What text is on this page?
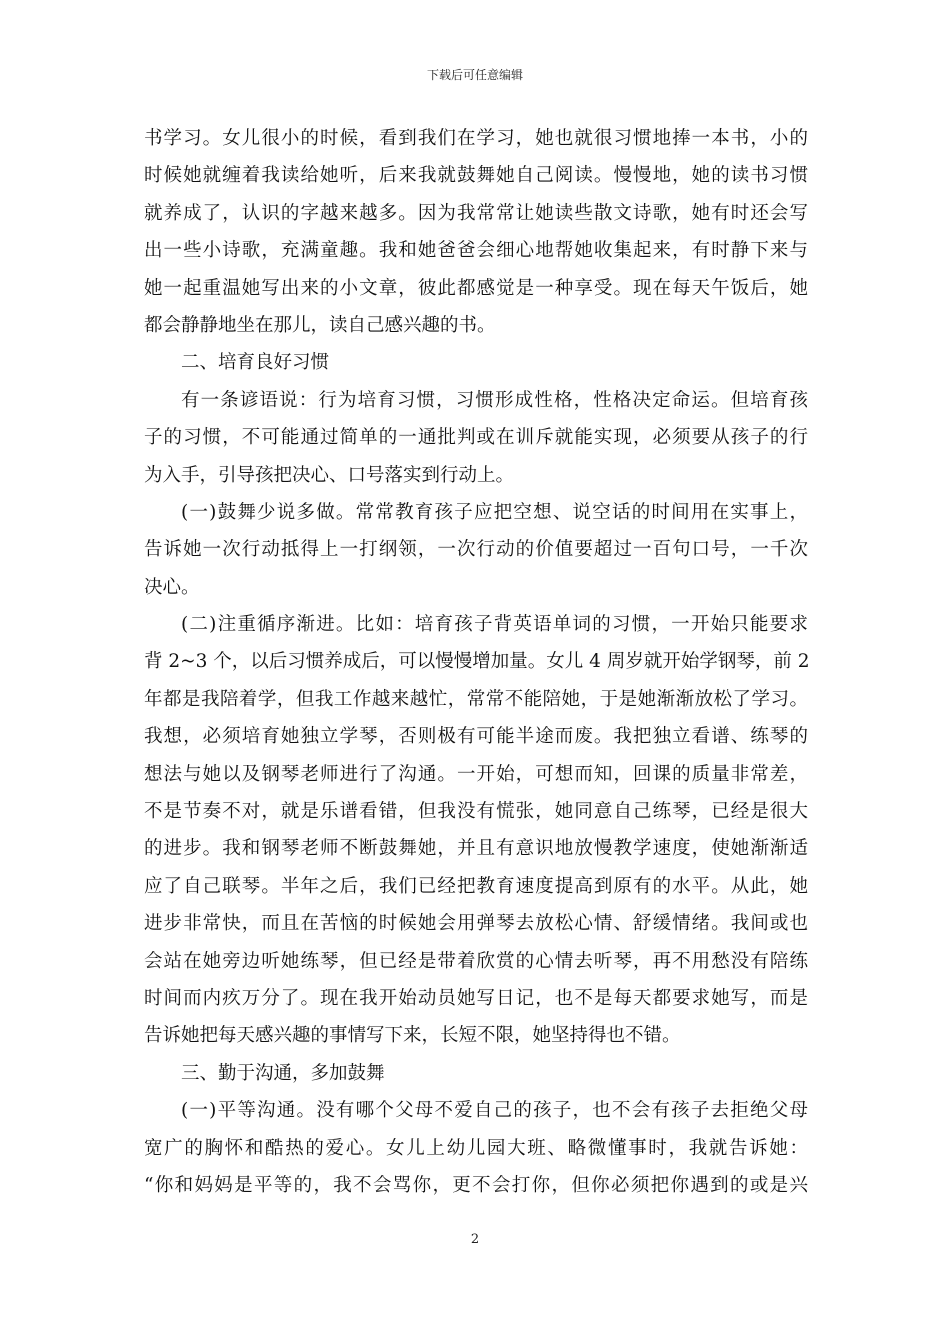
下载后可任意编辑
书学习。女儿很小的时候，看到我们在学习，她也就很习惯地捧一本书，小的
时候她就缠着我读给她听，后来我就鼓舞她自己阅读。慢慢地，她的读书习惯
就养成了，认识的字越来越多。因为我常常让她读些散文诗歌，她有时还会写
出一些小诗歌，充满童趣。我和她爸爸会细心地帮她收集起来，有时静下来与
她一起重温她写出来的小文章，彼此都感觉是一种享受。现在每天午饭后，她
都会静静地坐在那儿，读自己感兴趣的书。
二、培育良好习惯
有一条谚语说：行为培育习惯，习惯形成性格，性格决定命运。但培育孩
子的习惯，不可能通过简单的一通批判或在训斥就能实现，必须要从孩子的行
为入手，引导孩把决心、口号落实到行动上。
(一)鼓舞少说多做。常常教育孩子应把空想、说空话的时间用在实事上，
告诉她一次行动抵得上一打纲领，一次行动的价值要超过一百句口号，一千次
决心。
(二)注重循序渐进。比如：培育孩子背英语单词的习惯，一开始只能要求
背 2~3 个，以后习惯养成后，可以慢慢增加量。女儿 4 周岁就开始学钢琴，前 2
年都是我陪着学，但我工作越来越忙，常常不能陪她，于是她渐渐放松了学习。
我想，必须培育她独立学琴，否则极有可能半途而废。我把独立看谱、练琴的
想法与她以及钢琴老师进行了沟通。一开始，可想而知，回课的质量非常差，
不是节奏不对，就是乐谱看错，但我没有慌张，她同意自己练琴，已经是很大
的进步。我和钢琴老师不断鼓舞她，并且有意识地放慢教学速度，使她渐渐适
应了自己联琴。半年之后，我们已经把教育速度提高到原有的水平。从此，她
进步非常快，而且在苦恼的时候她会用弹琴去放松心情、舒缓情绪。我间或也
会站在她旁边听她练琴，但已经是带着欣赏的心情去听琴，再不用愁没有陪练
时间而内疚万分了。现在我开始动员她写日记，也不是每天都要求她写，而是
告诉她把每天感兴趣的事情写下来，长短不限，她坚持得也不错。
三、勤于沟通，多加鼓舞
(一)平等沟通。没有哪个父母不爱自己的孩子，也不会有孩子去拒绝父母
宽广的胸怀和酷热的爱心。女儿上幼儿园大班、略微懂事时，我就告诉她：
“你和妈妈是平等的，我不会骂你，更不会打你，但你必须把你遇到的或是兴
2
